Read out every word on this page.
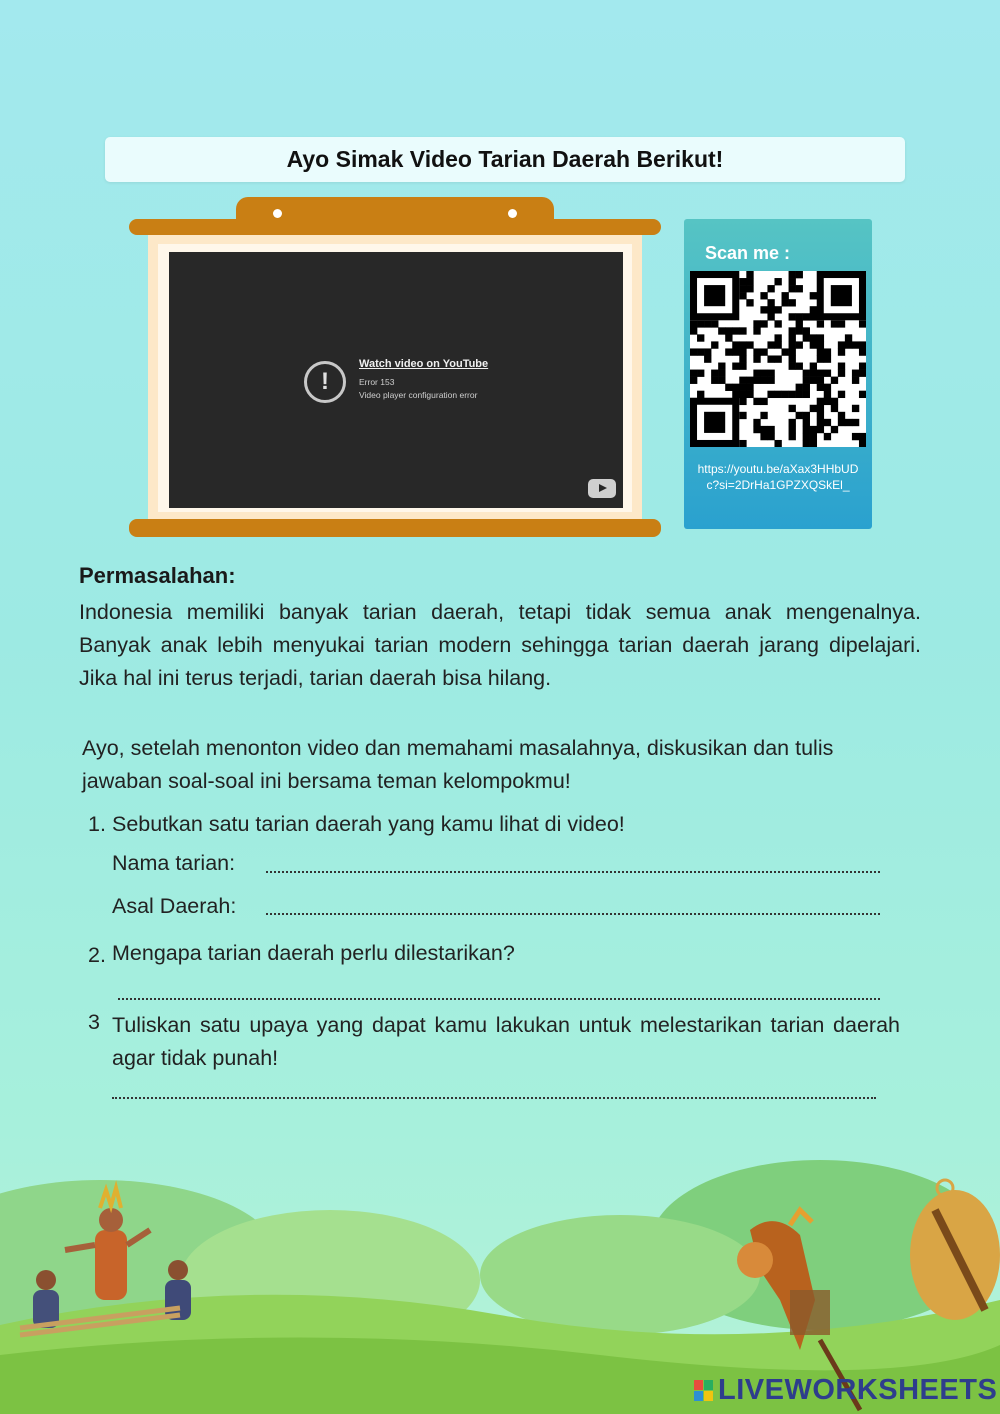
Ayo Simak Video Tarian Daerah Berikut!
!
Watch video on YouTube
Error 153
Video player configuration error
Scan me :
https://youtu.be/aXax3HHbUDc?si=2DrHa1GPZXQSkEl_
Permasalahan:
Indonesia memiliki banyak tarian daerah, tetapi tidak semua anak mengenalnya. Banyak anak lebih menyukai tarian modern sehingga tarian daerah jarang dipelajari. Jika hal ini terus terjadi, tarian daerah bisa hilang.
Ayo, setelah menonton video dan memahami masalahnya, diskusikan dan tulis jawaban soal-soal ini bersama teman kelompokmu!
1. Sebutkan satu tarian daerah yang kamu lihat di video!
Nama tarian:
Asal Daerah:
2. Mengapa tarian daerah perlu dilestarikan?
3 Tuliskan satu upaya yang dapat kamu lakukan untuk melestarikan tarian daerah agar tidak punah!
LIVEWORKSHEETS
